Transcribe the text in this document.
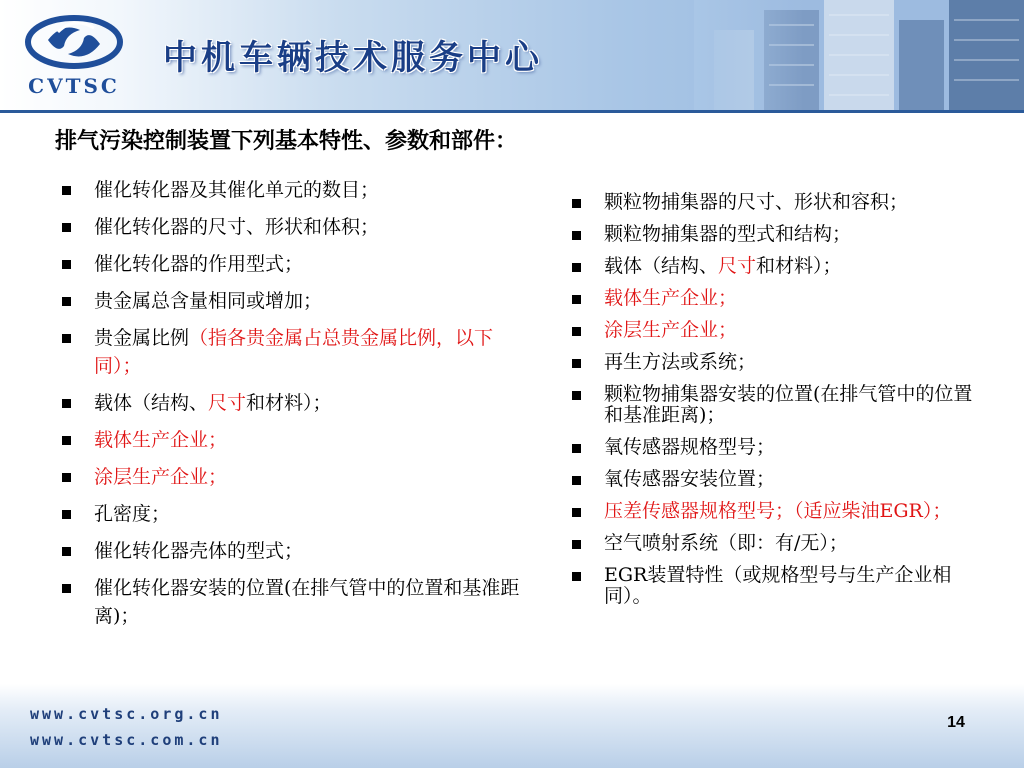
CVTSC
中机车辆技术服务中心
排气污染控制装置下列基本特性、参数和部件：
催化转化器及其催化单元的数目；
催化转化器的尺寸、形状和体积；
催化转化器的作用型式；
贵金属总含量相同或增加；
贵金属比例（指各贵金属占总贵金属比例，以下同）；
载体（结构、尺寸和材料）；
载体生产企业；
涂层生产企业；
孔密度；
催化转化器壳体的型式；
催化转化器安装的位置(在排气管中的位置和基准距离)；
颗粒物捕集器的尺寸、形状和容积；
颗粒物捕集器的型式和结构；
载体（结构、尺寸和材料）；
载体生产企业；
涂层生产企业；
再生方法或系统；
颗粒物捕集器安装的位置(在排气管中的位置和基准距离)；
氧传感器规格型号；
氧传感器安装位置；
压差传感器规格型号；（适应柴油EGR）；
空气喷射系统（即：有/无）；
EGR装置特性（或规格型号与生产企业相同）。
www.cvtsc.org.cn
www.cvtsc.com.cn
14
